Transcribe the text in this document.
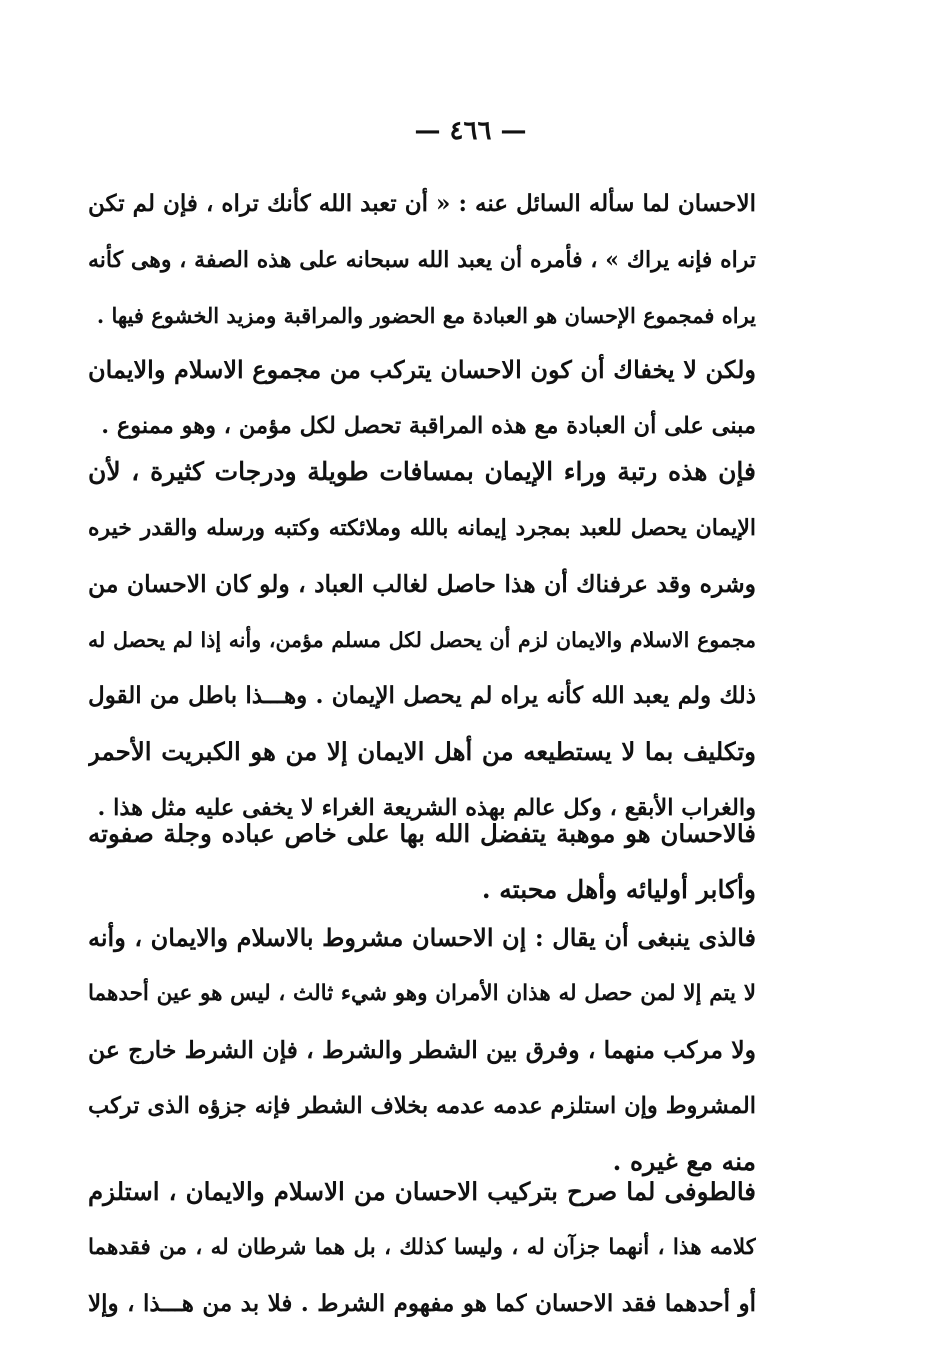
— ٤٦٦ —
الاحسان لما سأله السائل عنه : « أن تعبد الله كأنك تراه ، فإن لم تكن
تراه فإنه يراك » ، فأمره أن يعبد الله سبحانه على هذه الصفة ، وهى كأنه
يراه فمجموع الإحسان هو العبادة مع الحضور والمراقبة ومزيد الخشوع فيها .
ولكن لا يخفاك أن كون الاحسان يتركب من مجموع الاسلام والايمان
مبنى على أن العبادة مع هذه المراقبة تحصل لكل مؤمن ، وهو ممنوع .
فإن هذه رتبة وراء الإيمان بمسافات طويلة ودرجات كثيرة ، لأن
الإيمان يحصل للعبد بمجرد إيمانه بالله وملائكته وكتبه ورسله والقدر خيره
وشره وقد عرفناك أن هذا حاصل لغالب العباد ، ولو كان الاحسان من
مجموع الاسلام والايمان لزم أن يحصل لكل مسلم مؤمن، وأنه إذا لم يحصل له
ذلك ولم يعبد الله كأنه يراه لم يحصل الإيمان . وهـــذا باطل من القول
وتكليف بما لا يستطيعه من أهل الايمان إلا من هو الكبريت الأحمر
والغراب الأبقع ، وكل عالم بهذه الشريعة الغراء لا يخفى عليه مثل هذا .
فالاحسان هو موهبة يتفضل الله بها على خاص عباده وجلة صفوته
وأكابر أوليائه وأهل محبته .
فالذى ينبغى أن يقال : إن الاحسان مشروط بالاسلام والايمان ، وأنه
لا يتم إلا لمن حصل له هذان الأمران وهو شيء ثالث ، ليس هو عين أحدهما
ولا مركب منهما ، وفرق بين الشطر والشرط ، فإن الشرط خارج عن
المشروط وإن استلزم عدمه عدمه بخلاف الشطر فإنه جزؤه الذى تركب
منه مع غيره .
فالطوفى لما صرح بتركيب الاحسان من الاسلام والايمان ، استلزم
كلامه هذا ، أنهما جزآن له ، وليسا كذلك ، بل هما شرطان له ، من فقدهما
أو أحدهما فقد الاحسان كما هو مفهوم الشرط . فلا بد من هـــذا ، وإلا
